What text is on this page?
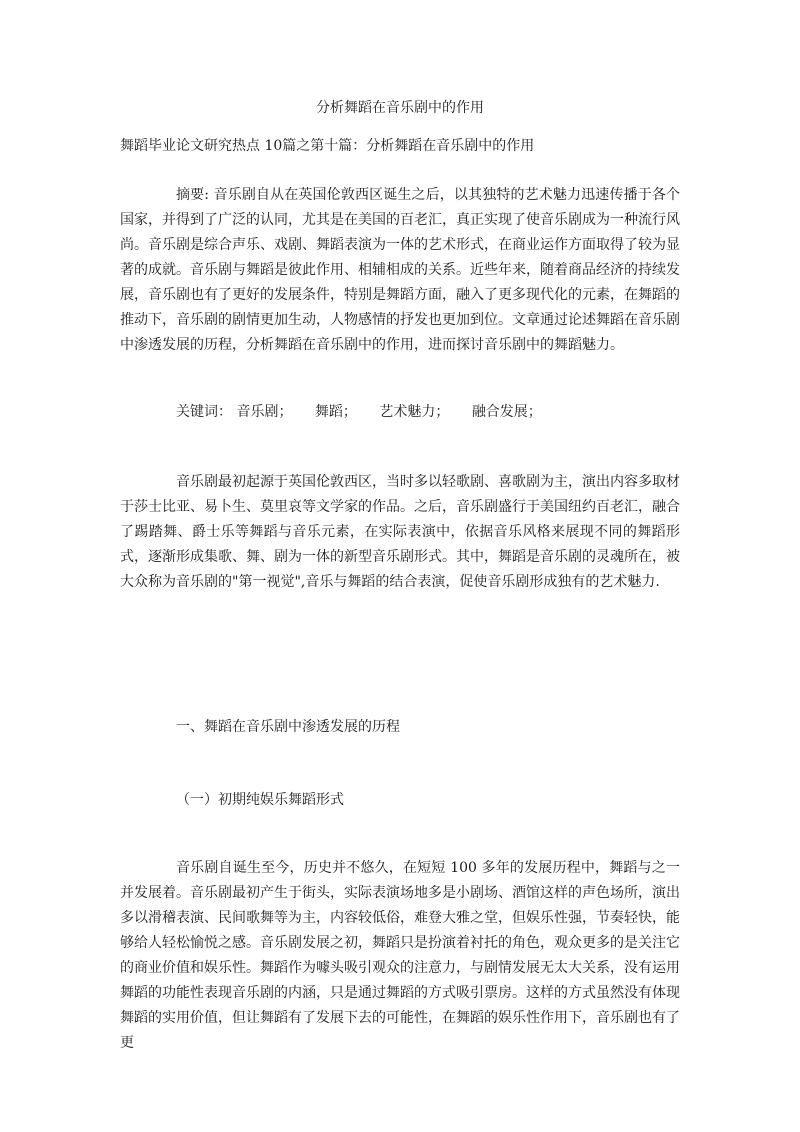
分析舞蹈在音乐剧中的作用
舞蹈毕业论文研究热点 10篇之第十篇：分析舞蹈在音乐剧中的作用

摘要: 音乐剧自从在英国伦敦西区诞生之后，以其独特的艺术魅力迅速传播于各个国家，并得到了广泛的认同，尤其是在美国的百老汇，真正实现了使音乐剧成为一种流行风尚。音乐剧是综合声乐、戏剧、舞蹈表演为一体的艺术形式，在商业运作方面取得了较为显著的成就。音乐剧与舞蹈是彼此作用、相辅相成的关系。近些年来，随着商品经济的持续发展，音乐剧也有了更好的发展条件，特别是舞蹈方面，融入了更多现代化的元素，在舞蹈的推动下，音乐剧的剧情更加生动，人物感情的抒发也更加到位。文章通过论述舞蹈在音乐剧中渗透发展的历程，分析舞蹈在音乐剧中的作用，进而探讨音乐剧中的舞蹈魅力。

关键词： 音乐剧； 舞蹈； 艺术魅力； 融合发展；

音乐剧最初起源于英国伦敦西区，当时多以轻歌剧、喜歌剧为主，演出内容多取材于莎士比亚、易卜生、莫里哀等文学家的作品。之后，音乐剧盛行于美国纽约百老汇，融合了踢踏舞、爵士乐等舞蹈与音乐元素，在实际表演中，依据音乐风格来展现不同的舞蹈形式，逐渐形成集歌、舞、剧为一体的新型音乐剧形式。其中，舞蹈是音乐剧的灵魂所在，被大众称为音乐剧的"第一视觉",音乐与舞蹈的结合表演，促使音乐剧形成独有的艺术魅力.

一、舞蹈在音乐剧中渗透发展的历程
（一）初期纯娱乐舞蹈形式

音乐剧自诞生至今，历史并不悠久，在短短 100 多年的发展历程中，舞蹈与之一并发展着。音乐剧最初产生于街头，实际表演场地多是小剧场、酒馆这样的声色场所，演出多以滑稽表演、民间歌舞等为主，内容较低俗，难登大雅之堂，但娱乐性强，节奏轻快，能够给人轻松愉悦之感。音乐剧发展之初，舞蹈只是扮演着衬托的角色，观众更多的是关注它的商业价值和娱乐性。舞蹈作为噱头吸引观众的注意力，与剧情发展无太大关系，没有运用舞蹈的功能性表现音乐剧的内涵，只是通过舞蹈的方式吸引票房。这样的方式虽然没有体现舞蹈的实用价值，但让舞蹈有了发展下去的可能性，在舞蹈的娱乐性作用下，音乐剧也有了更
